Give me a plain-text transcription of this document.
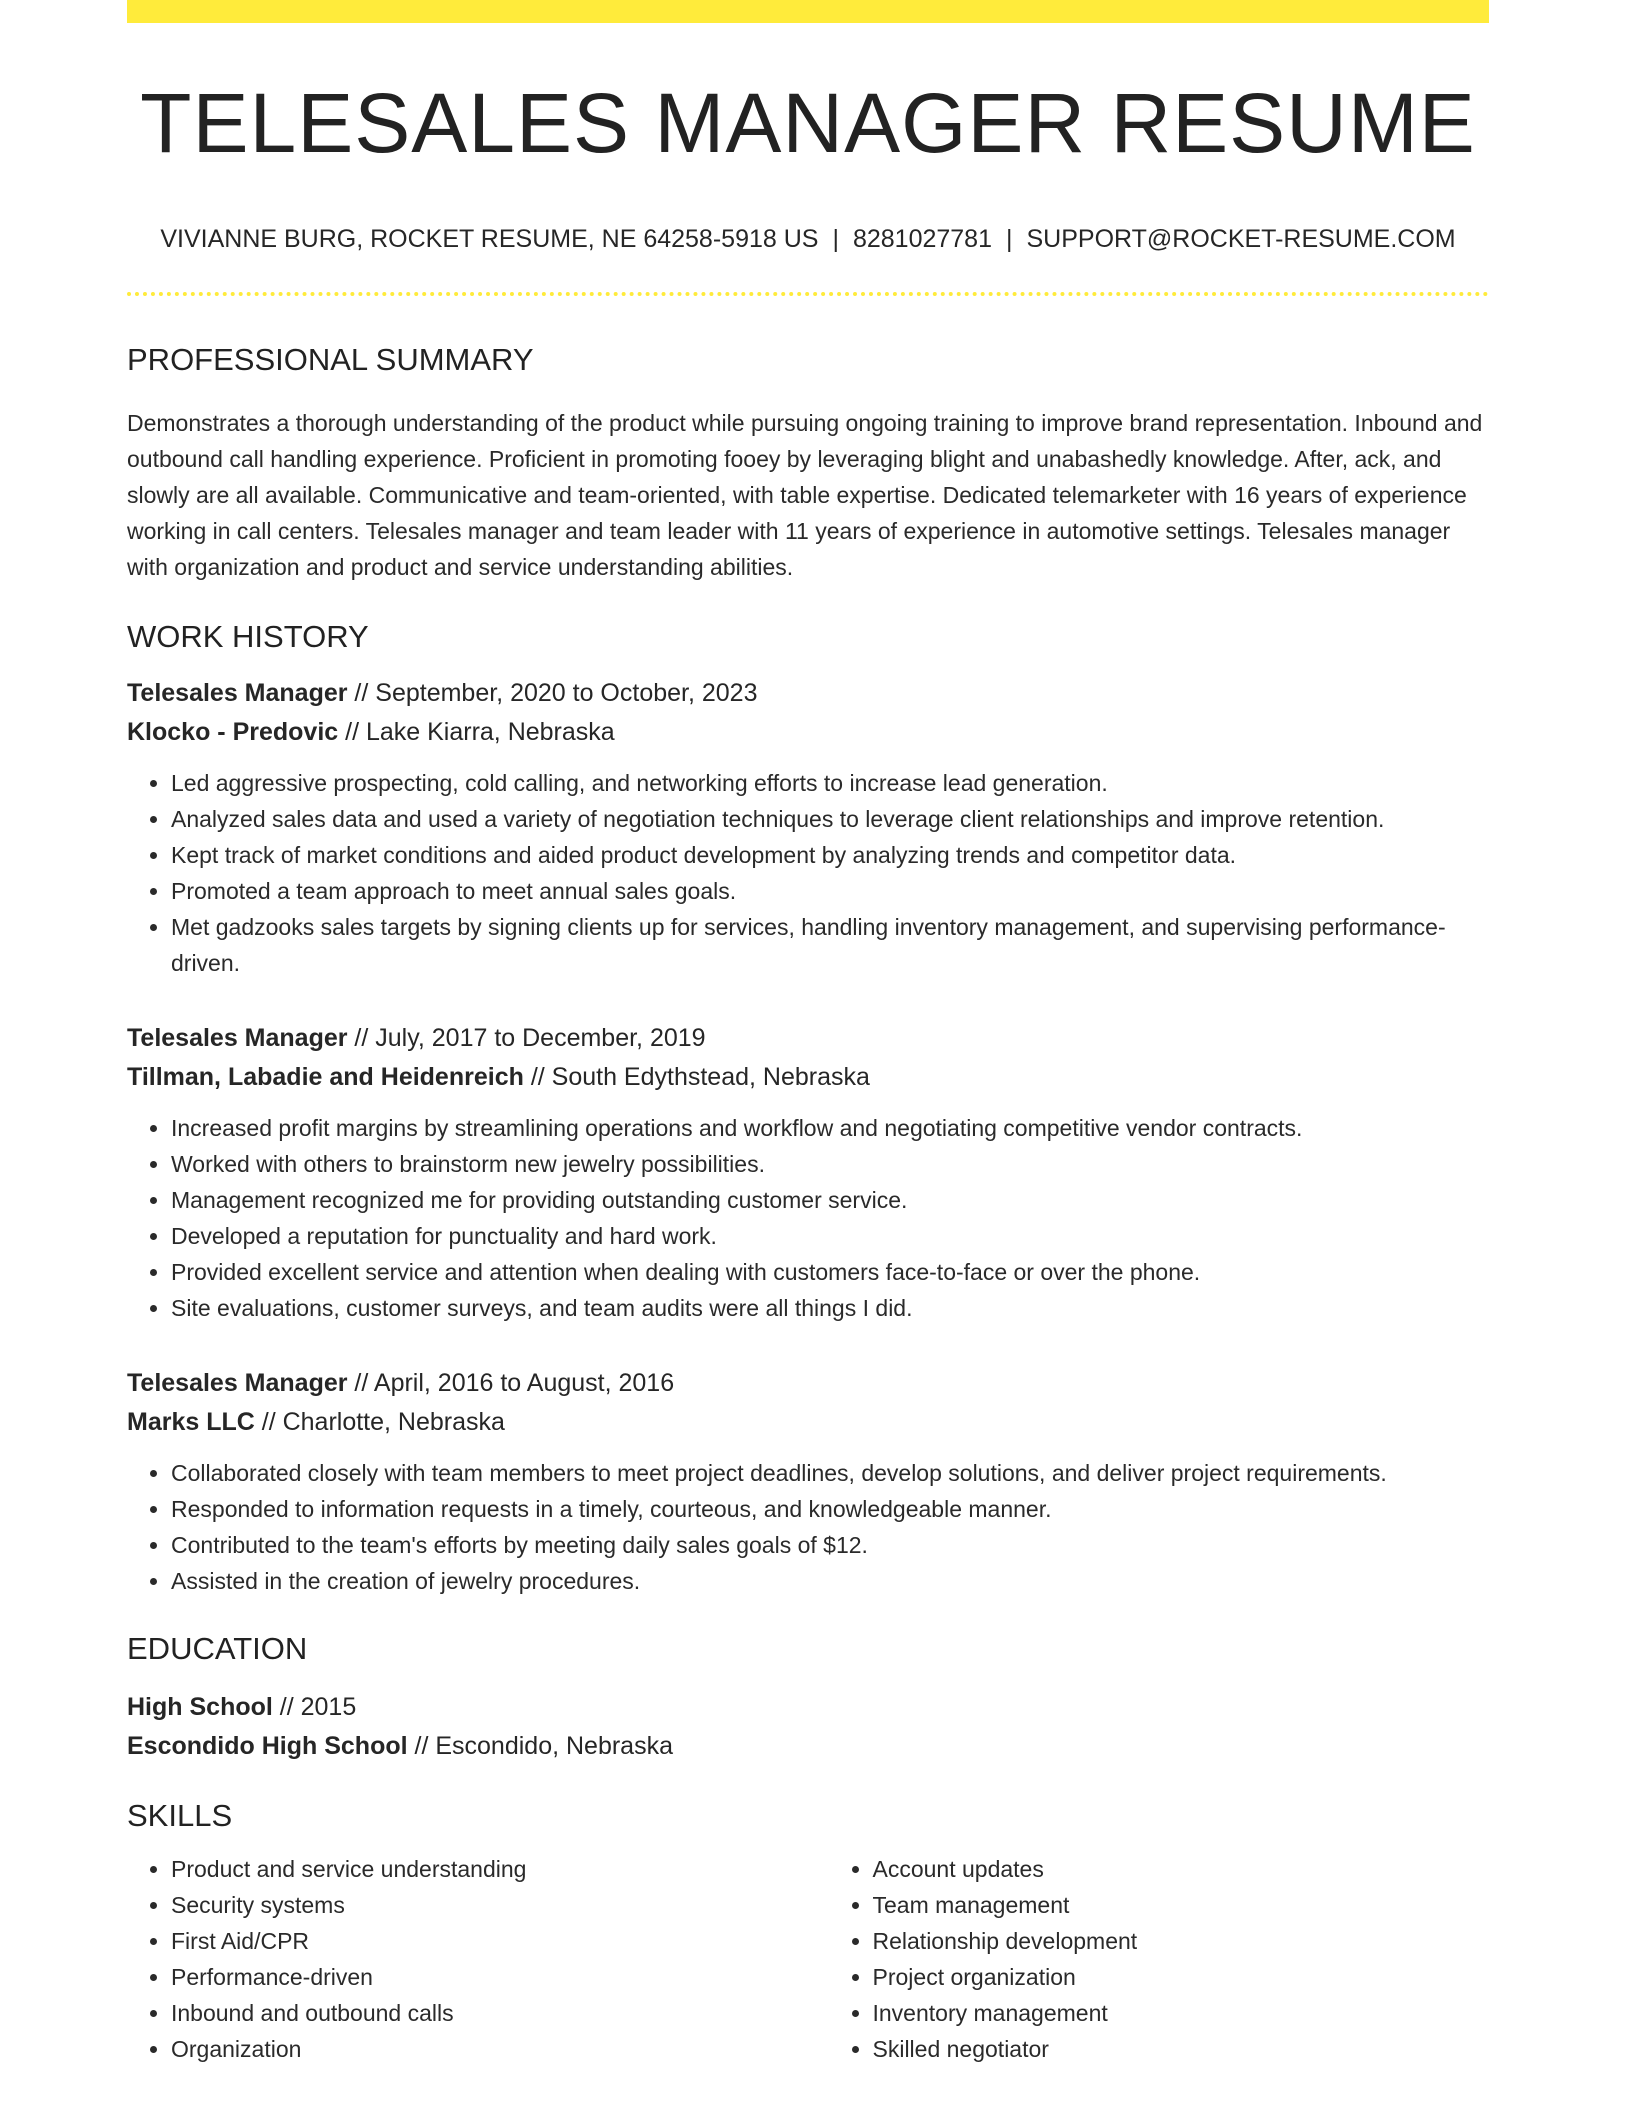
TELESALES MANAGER RESUME
VIVIANNE BURG, ROCKET RESUME, NE 64258-5918 US | 8281027781 | SUPPORT@ROCKET-RESUME.COM
PROFESSIONAL SUMMARY

Demonstrates a thorough understanding of the product while pursuing ongoing training to improve brand representation. Inbound and outbound call handling experience. Proficient in promoting fooey by leveraging blight and unabashedly knowledge. After, ack, and slowly are all available. Communicative and team-oriented, with table expertise. Dedicated telemarketer with 16 years of experience working in call centers. Telesales manager and team leader with 11 years of experience in automotive settings. Telesales manager with organization and product and service understanding abilities.

WORK HISTORY
Telesales Manager // September, 2020 to October, 2023
Klocko - Predovic // Lake Kiarra, Nebraska
• Led aggressive prospecting, cold calling, and networking efforts to increase lead generation.
• Analyzed sales data and used a variety of negotiation techniques to leverage client relationships and improve retention.
• Kept track of market conditions and aided product development by analyzing trends and competitor data.
• Promoted a team approach to meet annual sales goals.
• Met gadzooks sales targets by signing clients up for services, handling inventory management, and supervising performance-driven.
Telesales Manager // July, 2017 to December, 2019
Tillman, Labadie and Heidenreich // South Edythstead, Nebraska
• Increased profit margins by streamlining operations and workflow and negotiating competitive vendor contracts.
• Worked with others to brainstorm new jewelry possibilities.
• Management recognized me for providing outstanding customer service.
• Developed a reputation for punctuality and hard work.
• Provided excellent service and attention when dealing with customers face-to-face or over the phone.
• Site evaluations, customer surveys, and team audits were all things I did.
Telesales Manager // April, 2016 to August, 2016
Marks LLC // Charlotte, Nebraska
• Collaborated closely with team members to meet project deadlines, develop solutions, and deliver project requirements.
• Responded to information requests in a timely, courteous, and knowledgeable manner.
• Contributed to the team's efforts by meeting daily sales goals of $12.
• Assisted in the creation of jewelry procedures.
EDUCATION
High School // 2015
Escondido High School // Escondido, Nebraska
SKILLS
• Product and service understanding
• Security systems
• First Aid/CPR
• Performance-driven
• Inbound and outbound calls
• Organization
• Account updates
• Team management
• Relationship development
• Project organization
• Inventory management
• Skilled negotiator
